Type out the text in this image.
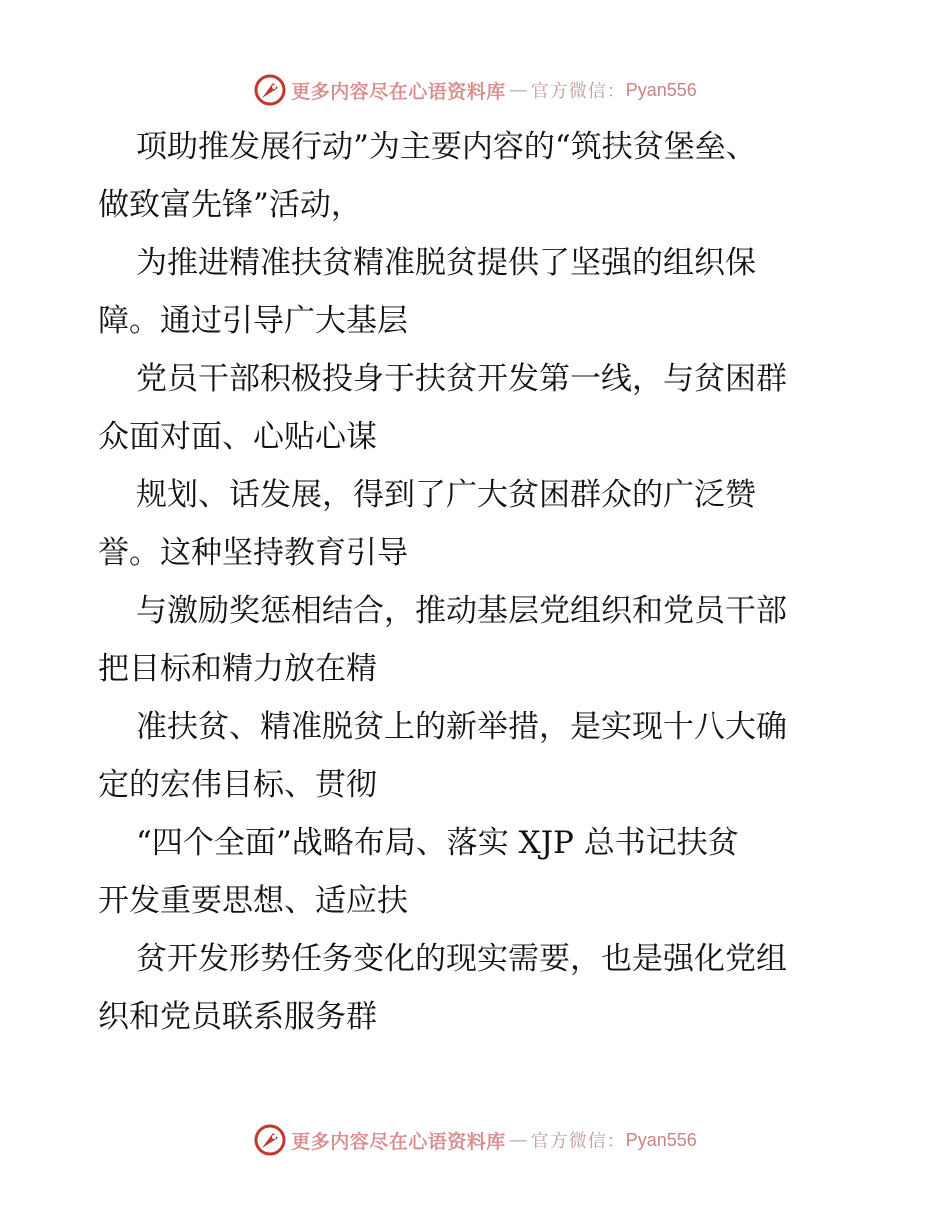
更多内容尽在心语资料库 — 官方微信： Pyan556
项助推发展行动”为主要内容的“筑扶贫堡垒、
做致富先锋”活动，
为推进精准扶贫精准脱贫提供了坚强的组织保
障。通过引导广大基层
党员干部积极投身于扶贫开发第一线，与贫困群
众面对面、心贴心谋
规划、话发展，得到了广大贫困群众的广泛赞
誉。这种坚持教育引导
与激励奖惩相结合，推动基层党组织和党员干部
把目标和精力放在精
准扶贫、精准脱贫上的新举措，是实现十八大确
定的宏伟目标、贯彻
“四个全面”战略布局、落实 XJP 总书记扶贫
开发重要思想、适应扶
贫开发形势任务变化的现实需要，也是强化党组
织和党员联系服务群
更多内容尽在心语资料库 — 官方微信： Pyan556
